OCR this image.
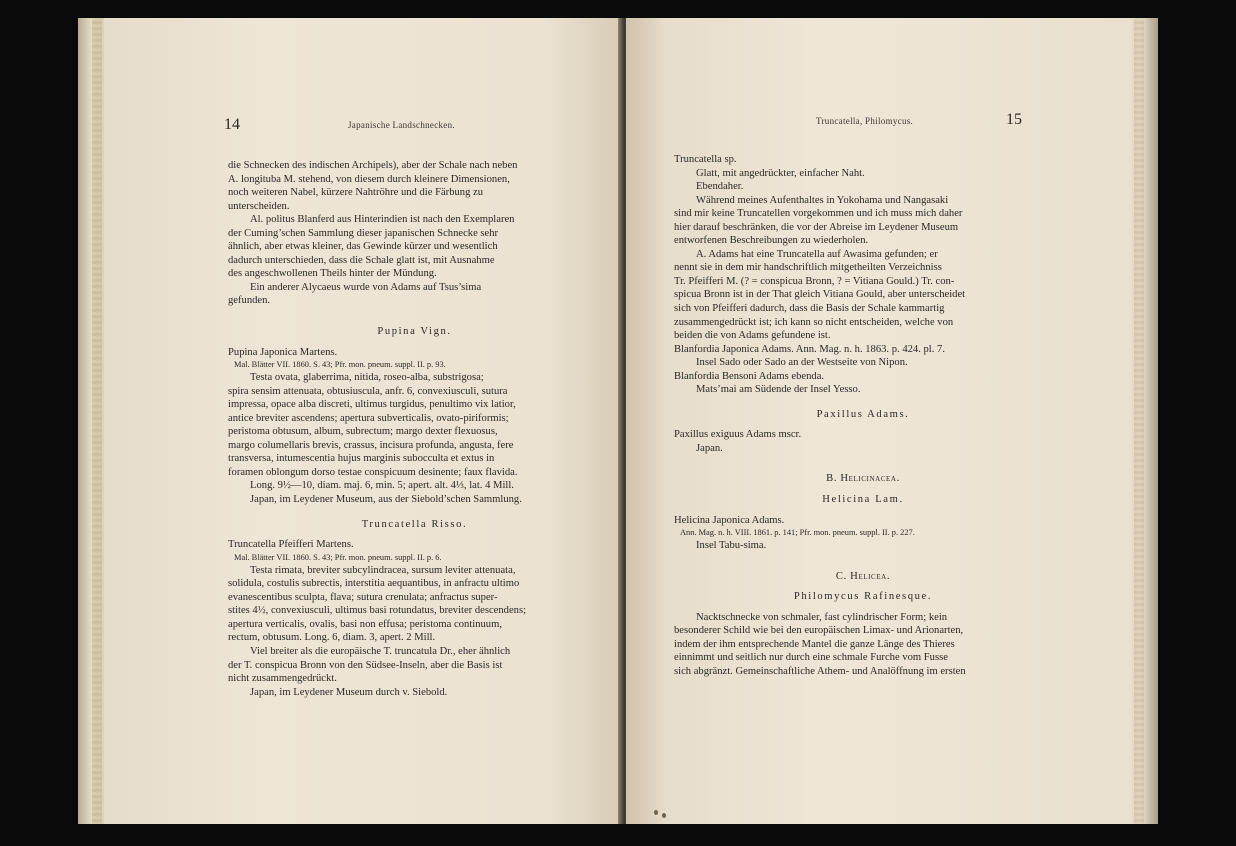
14	Japanische Landschnecken.
die Schnecken des indischen Archipels), aber der Schale nach neben
A. longituba M. stehend, von diesem durch kleinere Dimensionen,
noch weiteren Nabel, kürzere Nahtröhre und die Färbung zu
unterscheiden.
Al. politus Blanferd aus Hinterindien ist nach den Exemplaren
der Cuming’schen Sammlung dieser japanischen Schnecke sehr
ähnlich, aber etwas kleiner, das Gewinde kürzer und wesentlich
dadurch unterschieden, dass die Schale glatt ist, mit Ausnahme
des angeschwollenen Theils hinter der Mündung.
Ein anderer Alycaeus wurde von Adams auf Tsus’sima
gefunden.
Pupina Vign.
Pupina Japonica Martens.
Mal. Blätter VII. 1860. S. 43; Pfr. mon. pneum. suppl. II. p. 93.
Testa ovata, glaberrima, nitida, roseo-alba, substrigosa;
spira sensim attenuata, obtusiuscula, anfr. 6, convexiusculi, sutura
impressa, opace alba discreti, ultimus turgidus, penultimo vix latior,
antice breviter ascendens; apertura subverticalis, ovato-piriformis;
peristoma obtusum, album, subrectum; margo dexter flexuosus,
margo columellaris brevis, crassus, incisura profunda, angusta, fere
transversa, intumescentia hujus marginis subocculta et extus in
foramen oblongum dorso testae conspicuum desinente; faux flavida.
Long. 9½—10, diam. maj. 6, min. 5; apert. alt. 4⅓, lat. 4 Mill.
Japan, im Leydener Museum, aus der Siebold’schen Sammlung.
Truncatella Risso.
Truncatella Pfeifferi Martens.
Mal. Blätter VII. 1860. S. 43; Pfr. mon. pneum. suppl. II. p. 6.
Testa rimata, breviter subcylindracea, sursum leviter attenuata,
solidula, costulis subrectis, interstitia aequantibus, in anfractu ultimo
evanescentibus sculpta, flava; sutura crenulata; anfractus super-
stites 4½, convexiusculi, ultimus basi rotundatus, breviter descendens;
apertura verticalis, ovalis, basi non effusa; peristoma continuum,
rectum, obtusum. Long. 6, diam. 3, apert. 2 Mill.
Viel breiter als die europäische T. truncatula Dr., eher ähnlich
der T. conspicua Bronn von den Südsee-Inseln, aber die Basis ist
nicht zusammengedrückt.
Japan, im Leydener Museum durch v. Siebold.
Truncatella, Philomycus.	15
Truncatella sp.
Glatt, mit angedrückter, einfacher Naht.
Ebendaher.
Während meines Aufenthaltes in Yokohama und Nangasaki
sind mir keine Truncatellen vorgekommen und ich muss mich daher
hier darauf beschränken, die vor der Abreise im Leydener Museum
entworfenen Beschreibungen zu wiederholen.
A. Adams hat eine Truncatella auf Awasima gefunden; er
nennt sie in dem mir handschriftlich mitgetheilten Verzeichniss
Tr. Pfeifferi M. (? = conspicua Bronn, ? = Vitiana Gould.) Tr. con-
spicua Bronn ist in der That gleich Vitiana Gould, aber unterscheidet
sich von Pfeifferi dadurch, dass die Basis der Schale kammartig
zusammengedrückt ist; ich kann so nicht entscheiden, welche von
beiden die von Adams gefundene ist.
Blanfordia Japonica Adams. Ann. Mag. n. h. 1863. p. 424. pl. 7.
Insel Sado oder Sado an der Westseite von Nipon.
Blanfordia Bensoni Adams ebenda.
Mats’mai am Südende der Insel Yesso.
Paxillus Adams.
Paxillus exiguus Adams mscr.
Japan.
B. Helicinacea.
Helicina Lam.
Helicina Japonica Adams.
Ann. Mag. n. h. VIII. 1861. p. 141; Pfr. mon. pneum. suppl. II. p. 227.
Insel Tabu-sima.
C. Helicea.
Philomycus Rafinesque.
Nacktschnecke von schmaler, fast cylindrischer Form; kein
besonderer Schild wie bei den europäischen Limax- und Arionarten,
indem der ihm entsprechende Mantel die ganze Länge des Thieres
einnimmt und seitlich nur durch eine schmale Furche vom Fusse
sich abgränzt. Gemeinschaftliche Athem- und Analöffnung im ersten
